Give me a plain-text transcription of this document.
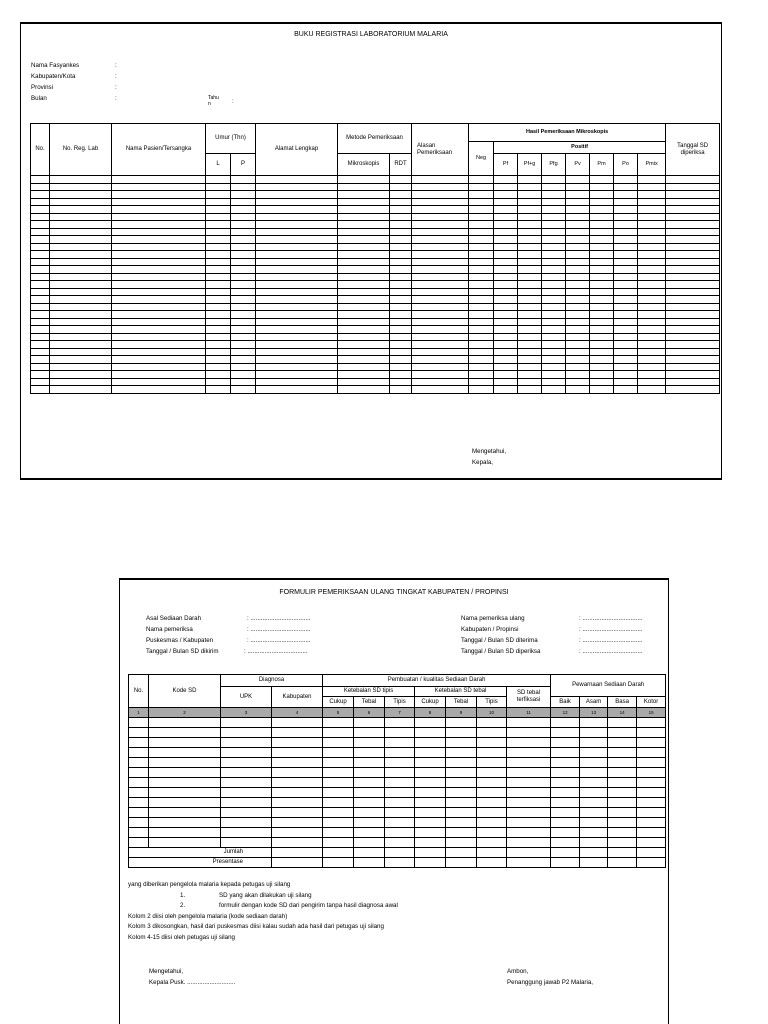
BUKU REGISTRASI LABORATORIUM MALARIA
Nama Fasyankes	:
Kabupaten/Kota	:
Provinsi	:
Bulan	:	Tahu
n	:
No.	No. Reg. Lab	Nama Pasien/Tersangka	Umur (Thn)		Alamat Lengkap	Metode Pemeriksaan		Alasan Pemeriksaan	Hasil Pemeriksaan Mikroskopis								Tanggal SD diperiksa
									Neg	Positif							
			L	P		Mikroskopis	RDT			Pf	Pf+g	Pfg	Pv	Pm	Po	Pmix	

Mengetahui,
Kepala,
FORMULIR PEMERIKSAAN ULANG TINGKAT KABUPATEN / PROPINSI
Asal Sediaan Darah	: ...................................
Nama pemeriksa	: ...................................
Puskesmas / Kabupaten	: ...................................
Tanggal / Bulan SD dikirim	: ...................................
Nama pemeriksa ulang	: ...................................
Kabupaten / Propinsi	: ...................................
Tanggal / Bulan SD diterima	: ...................................
Tanggal / Bulan SD diperiksa	: ...................................
No.	Kode SD	Diagnosa		Pembuatan / kualitas Sediaan Darah							Pewarnaan Sediaan Darah			
		UPK	Kabupaten	Ketebalan SD tipis			Ketebalan SD tebal			SD tebal terfiksasi				
				Cukup	Tebal	Tipis	Cukup	Tebal	Tipis		Baik	Asam	Basa	Kotor
1	2	3	4	5	6	7	8	9	10	11	12	13	14	15

Jumlah														
Presentase														
yang diberikan pengelola malaria kepada petugas uji silang
1.	SD yang akan dilakukan uji silang
2.	formulir dengan kode SD dari pengirim tanpa hasil diagnosa awal
Kolom 2 diisi oleh pengelola malaria (kode sediaan darah)
Kolom 3 dikosongkan, hasil dari puskesmas diisi kalau sudah ada hasil dari petugas uji silang
Kolom 4-15 diisi oleh petugas uji silang
Mengetahui,
Kepala Pusk. ............................
Ambon,
Penanggung jawab P2 Malaria,
